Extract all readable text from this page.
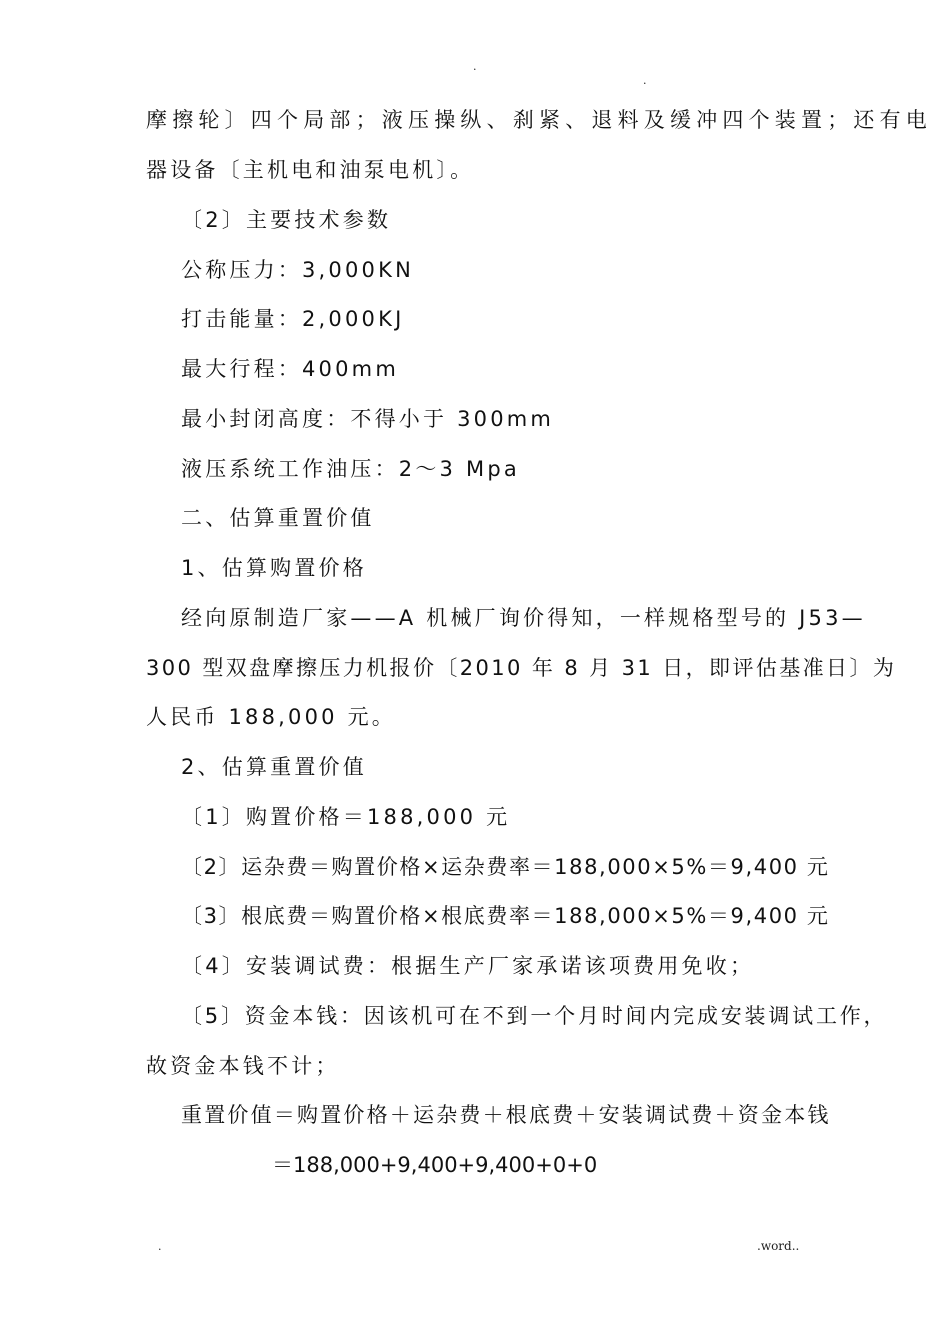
.
.
摩擦轮〕四个局部；液压操纵、刹紧、退料及缓冲四个装置；还有电
器设备〔主机电和油泵电机〕。
〔2〕主要技术参数
公称压力：3,000KN
打击能量：2,000KJ
最大行程：400mm
最小封闭高度：不得小于 300mm
液压系统工作油压：2～3 Mpa
二、估算重置价值
1、估算购置价格
经向原制造厂家——A 机械厂询价得知，一样规格型号的 J53—
300 型双盘摩擦压力机报价〔2010 年 8 月 31 日，即评估基准日〕为
人民币 188,000 元。
2、估算重置价值
〔1〕购置价格＝188,000 元
〔2〕运杂费＝购置价格×运杂费率＝188,000×5%＝9,400 元
〔3〕根底费＝购置价格×根底费率＝188,000×5%＝9,400 元
〔4〕安装调试费：根据生产厂家承诺该项费用免收；
〔5〕资金本钱：因该机可在不到一个月时间内完成安装调试工作，
故资金本钱不计；
重置价值＝购置价格＋运杂费＋根底费＋安装调试费＋资金本钱
＝188,000+9,400+9,400+0+0
.	.word..
